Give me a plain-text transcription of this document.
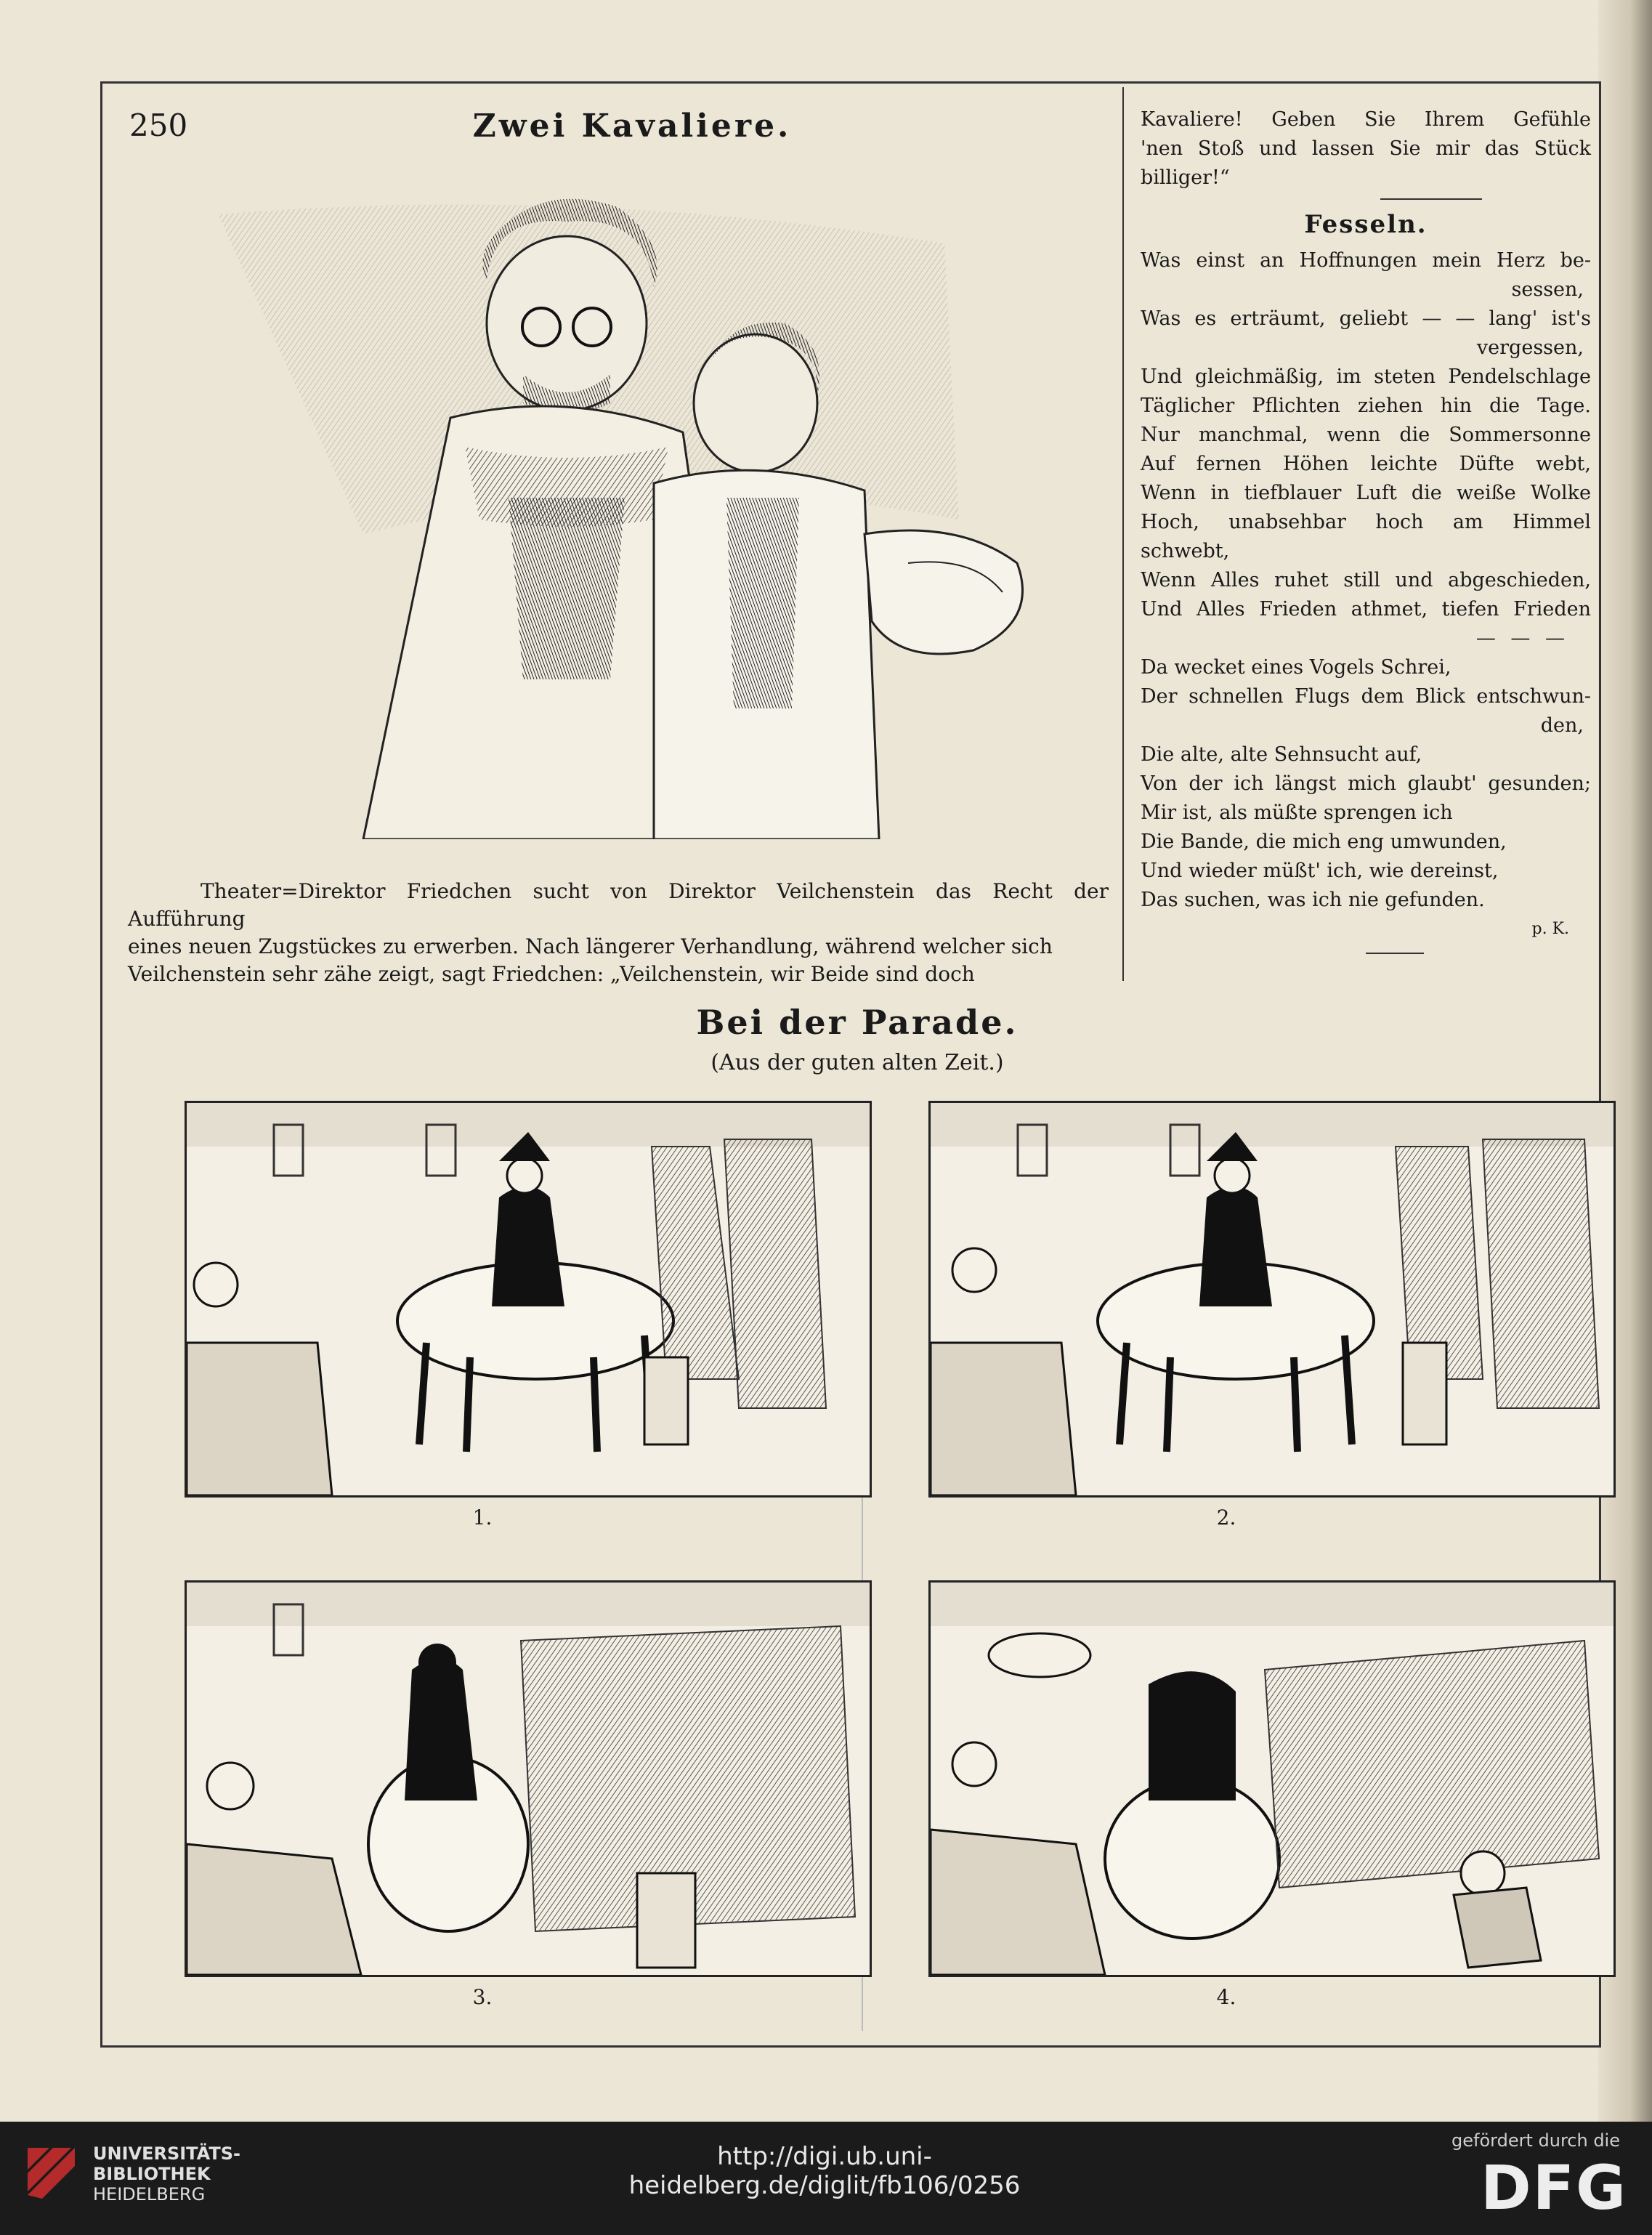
250	Zwei Kavaliere.
Theater=Direktor Friedchen sucht von Direktor Veilchenstein das Recht der Aufführung
eines neuen Zugstückes zu erwerben. Nach längerer Verhandlung, während welcher sich
Veilchenstein sehr zähe zeigt, sagt Friedchen: „Veilchenstein, wir Beide sind doch
Kavaliere! Geben Sie Ihrem Gefühle
'nen Stoß und lassen Sie mir das Stück
billiger!“
Fesseln.
Was einst an Hoffnungen mein Herz be-
sessen,
Was es erträumt, geliebt — — lang' ist's
vergessen,
Und gleichmäßig, im steten Pendelschlage
Täglicher Pflichten ziehen hin die Tage.
Nur manchmal, wenn die Sommersonne
Auf fernen Höhen leichte Düfte webt,
Wenn in tiefblauer Luft die weiße Wolke
Hoch, unabsehbar hoch am Himmel schwebt,
Wenn Alles ruhet still und abgeschieden,
Und Alles Frieden athmet, tiefen Frieden
— — —
Da wecket eines Vogels Schrei,
Der schnellen Flugs dem Blick entschwun-
den,
Die alte, alte Sehnsucht auf,
Von der ich längst mich glaubt' gesunden;
Mir ist, als müßte sprengen ich
Die Bande, die mich eng umwunden,
Und wieder müßt' ich, wie dereinst,
Das suchen, was ich nie gefunden.
p. K.
Bei der Parade.
(Aus der guten alten Zeit.)
1.	2.
3.	4.
UNIVERSITÄTS-
BIBLIOTHEK
HEIDELBERG
http://digi.ub.uni-heidelberg.de/diglit/fb106/0256
gefördert durch die
DFG
